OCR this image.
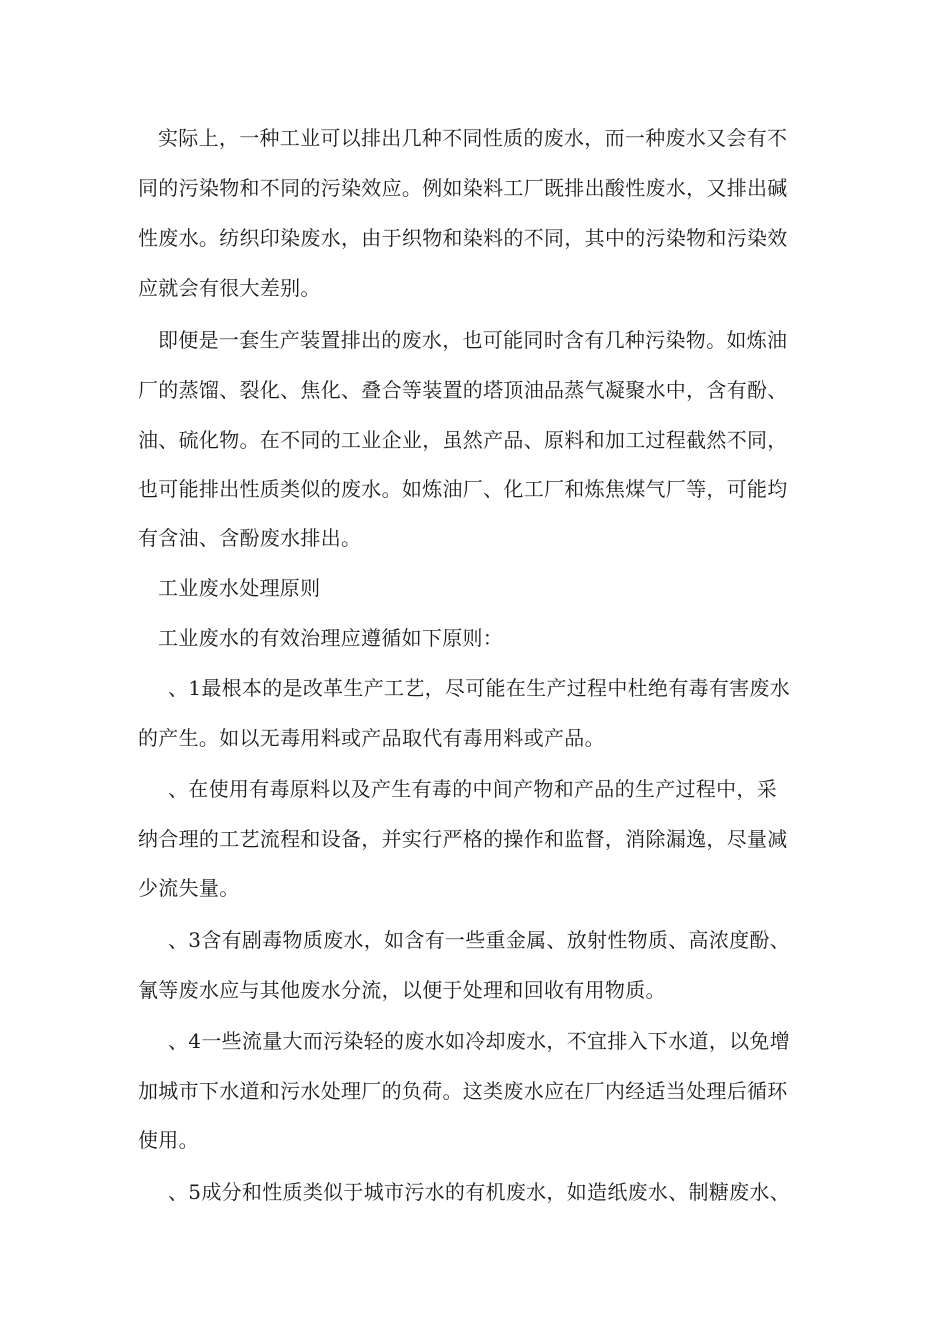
实际上，一种工业可以排出几种不同性质的废水，而一种废水又会有不
同的污染物和不同的污染效应。例如染料工厂既排出酸性废水，又排出碱
性废水。纺织印染废水，由于织物和染料的不同，其中的污染物和污染效
应就会有很大差别。
即便是一套生产装置排出的废水，也可能同时含有几种污染物。如炼油
厂的蒸馏、裂化、焦化、叠合等装置的塔顶油品蒸气凝聚水中，含有酚、
油、硫化物。在不同的工业企业，虽然产品、原料和加工过程截然不同，
也可能排出性质类似的废水。如炼油厂、化工厂和炼焦煤气厂等，可能均
有含油、含酚废水排出。
工业废水处理原则
工业废水的有效治理应遵循如下原则：
、1最根本的是改革生产工艺，尽可能在生产过程中杜绝有毒有害废水
的产生。如以无毒用料或产品取代有毒用料或产品。
、在使用有毒原料以及产生有毒的中间产物和产品的生产过程中，采
纳合理的工艺流程和设备，并实行严格的操作和监督，消除漏逸，尽量减
少流失量。
、3含有剧毒物质废水，如含有一些重金属、放射性物质、高浓度酚、
氰等废水应与其他废水分流，以便于处理和回收有用物质。
、4一些流量大而污染轻的废水如冷却废水，不宜排入下水道，以免增
加城市下水道和污水处理厂的负荷。这类废水应在厂内经适当处理后循环
使用。
、5成分和性质类似于城市污水的有机废水，如造纸废水、制糖废水、
